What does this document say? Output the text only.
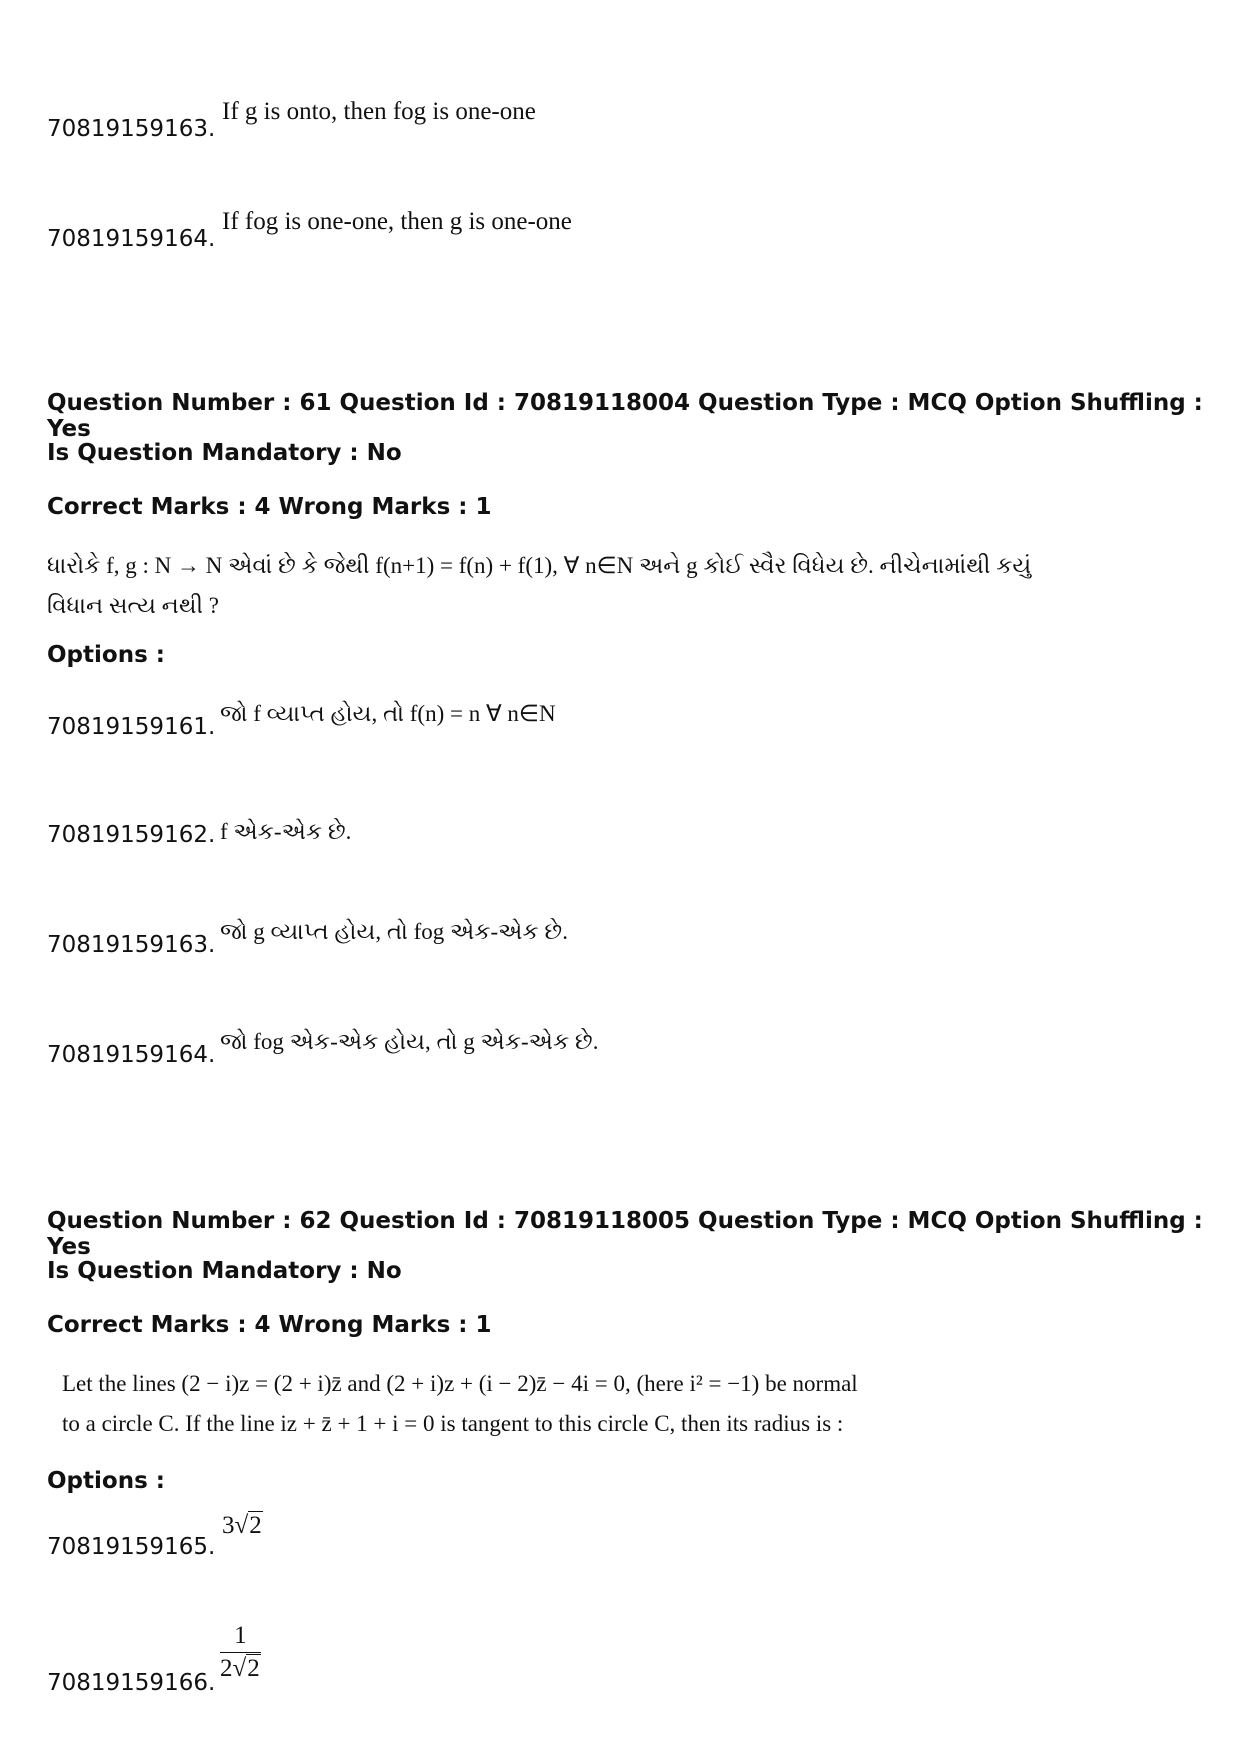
70819159163.
If g is onto, then fog is one-one
70819159164.
If fog is one-one, then g is one-one
Question Number : 61 Question Id : 70819118004 Question Type : MCQ Option Shuffling : Yes
Is Question Mandatory : No
Correct Marks : 4 Wrong Marks : 1
ધારોકે f, g : N → N એવાં છે કે જેથી f(n+1) = f(n) + f(1), ∀ n∈N અને g કોઈ સ્વૈર વિધેય છે. નીચેનામાંથી કયું
વિધાન સત્ય નથી ?
Options :
70819159161.
જો f વ્યાપ્ત હોય, તો f(n) = n ∀ n∈N
70819159162. f એક-એક છે.
70819159163.
જો g વ્યાપ્ત હોય, તો fog એક-એક છે.
70819159164.
જો fog એક-એક હોય, તો g એક-એક છે.
Question Number : 62 Question Id : 70819118005 Question Type : MCQ Option Shuffling : Yes
Is Question Mandatory : No
Correct Marks : 4 Wrong Marks : 1
Let the lines (2 − i)z = (2 + i)z̄ and (2 + i)z + (i − 2)z̄ − 4i = 0, (here i² = −1) be normal
to a circle C. If the line iz + z̄ + 1 + i = 0 is tangent to this circle C, then its radius is :
Options :
70819159165.
3√2
70819159166. $\frac{1}{2√2}$
